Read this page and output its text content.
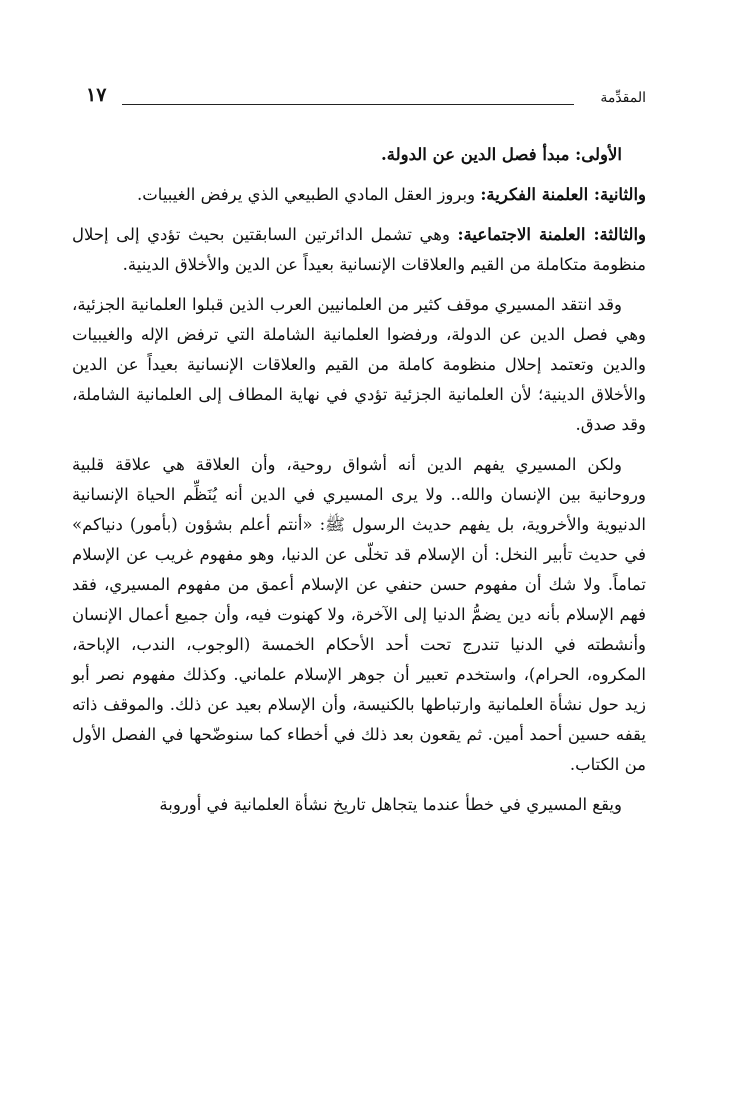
١٧	المقدِّمة

الأولى: مبدأ فصل الدين عن الدولة.

والثانية: العلمنة الفكرية: وبروز العقل المادي الطبيعي الذي يرفض الغيبيات.

والثالثة: العلمنة الاجتماعية: وهي تشمل الدائرتين السابقتين بحيث تؤدي إلى إحلال منظومة متكاملة من القيم والعلاقات الإنسانية بعيداً عن الدين والأخلاق الدينية.

وقد انتقد المسيري موقف كثير من العلمانيين العرب الذين قبلوا العلمانية الجزئية، وهي فصل الدين عن الدولة، ورفضوا العلمانية الشاملة التي ترفض الإله والغيبيات والدين وتعتمد إحلال منظومة كاملة من القيم والعلاقات الإنسانية بعيداً عن الدين والأخلاق الدينية؛ لأن العلمانية الجزئية تؤدي في نهاية المطاف إلى العلمانية الشاملة، وقد صدق.

ولكن المسيري يفهم الدين أنه أشواق روحية، وأن العلاقة هي علاقة قلبية وروحانية بين الإنسان والله.. ولا يرى المسيري في الدين أنه يُنَظِّم الحياة الإنسانية الدنيوية والأخروية، بل يفهم حديث الرسول ﷺ: «أنتم أعلم بشؤون (بأمور) دنياكم» في حديث تأبير النخل: أن الإسلام قد تخلّى عن الدنيا، وهو مفهوم غريب عن الإسلام تماماً. ولا شك أن مفهوم حسن حنفي عن الإسلام أعمق من مفهوم المسيري، فقد فهم الإسلام بأنه دين يضمُّ الدنيا إلى الآخرة، ولا كهنوت فيه، وأن جميع أعمال الإنسان وأنشطته في الدنيا تندرج تحت أحد الأحكام الخمسة (الوجوب، الندب، الإباحة، المكروه، الحرام)، واستخدم تعبير أن جوهر الإسلام علماني. وكذلك مفهوم نصر أبو زيد حول نشأة العلمانية وارتباطها بالكنيسة، وأن الإسلام بعيد عن ذلك. والموقف ذاته يقفه حسين أحمد أمين. ثم يقعون بعد ذلك في أخطاء كما سنوضّحها في الفصل الأول من الكتاب.

ويقع المسيري في خطأ عندما يتجاهل تاريخ نشأة العلمانية في أوروبة
